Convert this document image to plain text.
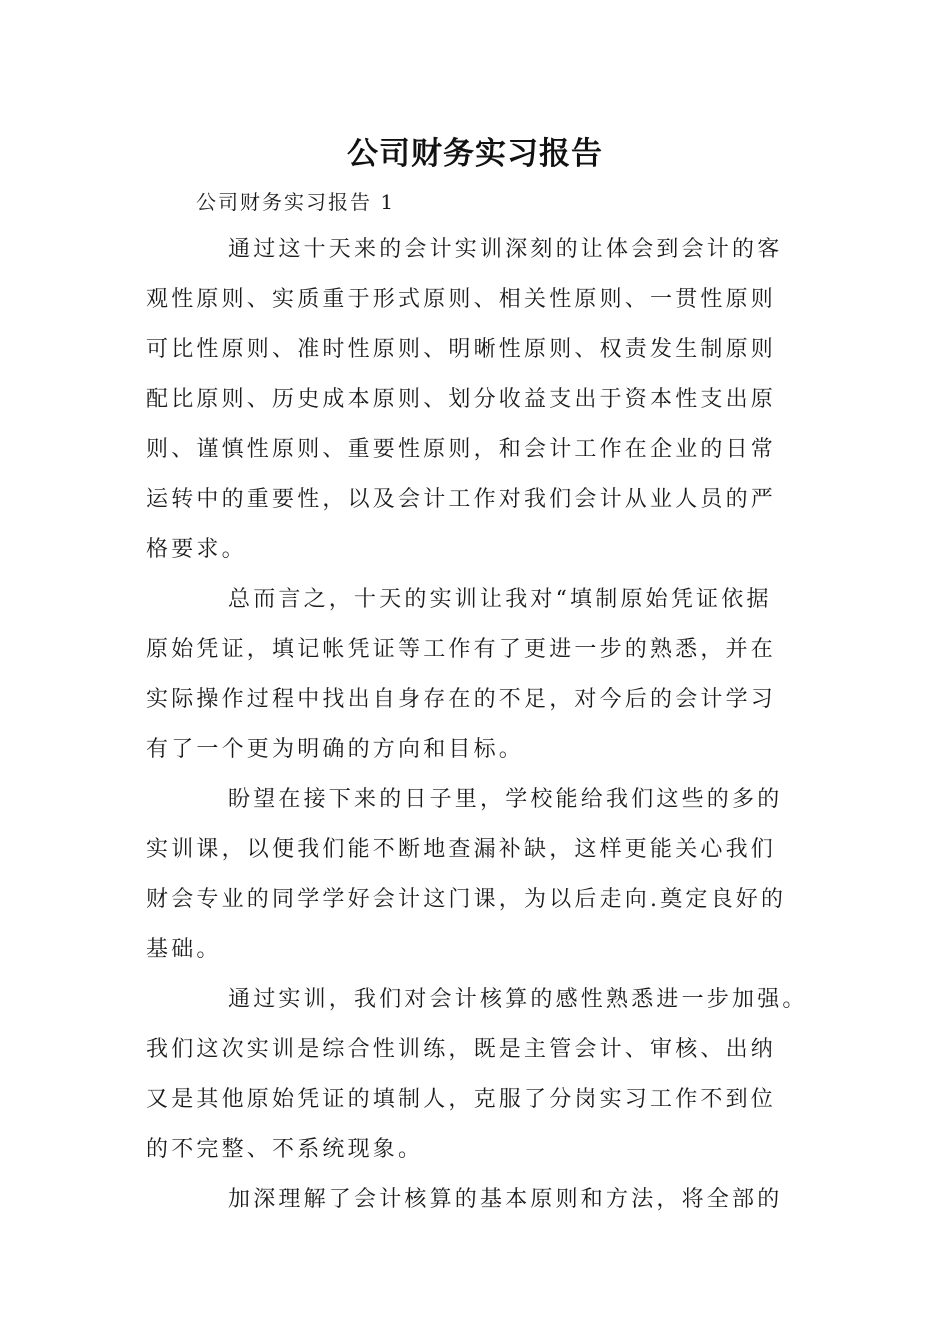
公司财务实习报告
公司财务实习报告 1
通过这十天来的会计实训深刻的让体会到会计的客
观性原则、实质重于形式原则、相关性原则、一贯性原则
可比性原则、准时性原则、明晰性原则、权责发生制原则
配比原则、历史成本原则、划分收益支出于资本性支出原
则、谨慎性原则、重要性原则，和会计工作在企业的日常
运转中的重要性，以及会计工作对我们会计从业人员的严
格要求。
总而言之，十天的实训让我对“填制原始凭证依据
原始凭证，填记帐凭证等工作有了更进一步的熟悉，并在
实际操作过程中找出自身存在的不足，对今后的会计学习
有了一个更为明确的方向和目标。
盼望在接下来的日子里，学校能给我们这些的多的
实训课，以便我们能不断地查漏补缺，这样更能关心我们
财会专业的同学学好会计这门课，为以后走向.奠定良好的
基础。
通过实训，我们对会计核算的感性熟悉进一步加强。
我们这次实训是综合性训练，既是主管会计、审核、出纳
又是其他原始凭证的填制人，克服了分岗实习工作不到位
的不完整、不系统现象。
加深理解了会计核算的基本原则和方法，将全部的
